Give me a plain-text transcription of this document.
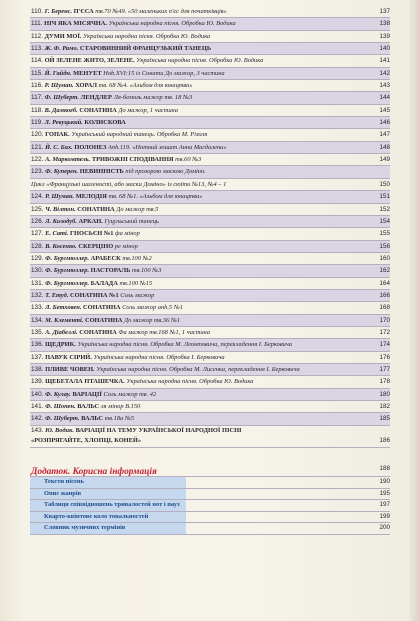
110. Г. Беренс. П'ЄСА тв.70 №49. «50 маленьких п'єс для початківців»	137
111. НІЧ ЯКА МІСЯЧНА. Українська народна пісня. Обробка Ю. Водика	138
112. ДУМИ МОЇ. Українська народна пісня. Обробка Ю. Водика	139
113. Ж. Ф. Рамо. СТАРОВИННИЙ ФРАНЦУЗЬКИЙ ТАНЕЦЬ	140
114. ОЙ ЗЕЛЕНЕ ЖИТО, ЗЕЛЕНЕ. Українська народна пісня. Обробка Ю. Водика	141
115. Й. Гайдн. МЕНУЕТ Hob.XVI:15 із Сонати До мажор, 3 частина	142
116. Р. Шуман. ХОРАЛ тв. 68 №4. «Альбом для юнацтва»	143
117. Ф. Шуберт. ЛЕНДЛЕР Ля-бемоль мажор тв. 18 №3	144
118. В. Дамкоеб. СОНАТИНА До мажор, 1 частина	145
119. Л. Ревуцький. КОЛИСКОВА	146
120. ГОПАК. Український народний танець. Обробка М. Різоля	147
121. Й. С. Бах. ПОЛОНЕЗ Anh.119. «Нотний зошит Анни Магдалени»	148
122. А. Маркомтель. ТРИВОЖНІ СПОДІВАННЯ тв.60 №3	149
123. Ф. Куперен. НЕВИННІСТЬ під прозорою маскою Доміно.
Цикл «Французькі шаленості, або маски Доміно» із сюїти №13, №4 – 1	150
124. Р. Шуман. МЕЛОДІЯ тв. 68 №1. «Альбом для юнацтва»	151
125. Ч. Вілтон. СОНАТИНА До мажор тв.5	152
126. Л. Колодуб. АРКАН. Гуцульський танець	154
127. Е. Саті. ГНОСЬЄН №1 фа мінор	155
128. В. Косенко. СКЕРЦІНО ре мінор	156
129. Ф. Бургмюллер. АРАБЕСК тв.100 №2	160
130. Ф. Бургмюллер. ПАСТОРАЛЬ тв.100 №3	162
131. Ф. Бургмюллер. БАЛАДА тв.100 №15	164
132. Т. Етуд. СОНАТИНА №1 Соль мажор	166
133. Л. Бетховен. СОНАТИНА Соль мажор анh.5 №1	168
134. М. Клементі. СОНАТИНА До мажор тв.36 №1	170
135. А. Діабеллі. СОНАТИНА Фа мажор тв.168 №1, 1 частина	172
136. ЩЕДРИК. Українська народна пісня. Обробка М. Леонтовича, перекладення І. Берковича	174
137. ПАВУК СІРИЙ. Українська народна пісня. Обробка І. Берковича	176
138. ПЛИВЕ ЧОВЕН. Українська народна пісня. Обробка М. Лисенка, перекладення І. Берковича	177
139. ЩЕБЕТАЛА ПТАШЕЧКА. Українська народна пісня. Обробка Ю. Водика	178
140. Ф. Кулау. ВАРІАЦІЇ Соль мажор тв. 42	180
141. Ф. Шопен. ВАЛЬС ля мінор В.150	182
142. Ф. Шуберт. ВАЛЬС тв.18а №5	185
143. Ю. Водик. ВАРІАЦІЇ НА ТЕМУ УКРАЇНСЬКОЇ НАРОДНОЇ ПІСНІ
«РОЗПРЯГАЙТЕ, ХЛОПЦІ, КОНЕЙ»	186
Додаток. Корисна інформація	188
Тексти пісень	190
Опис жанрів	195
Таблиця співвідношень тривалостей нот і пауз	197
Кварто-квінтове коло тональностей	199
Словник музичних термінів	200
